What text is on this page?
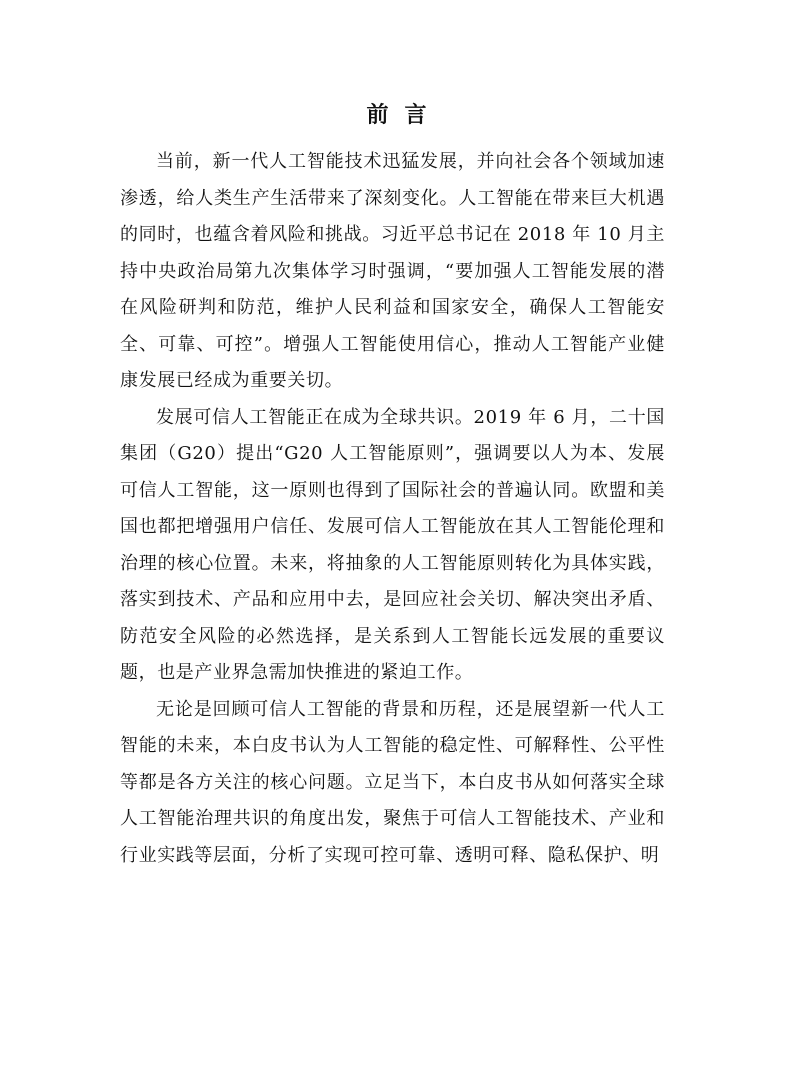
前言

当前，新一代人工智能技术迅猛发展，并向社会各个领域加速渗透，给人类生产生活带来了深刻变化。人工智能在带来巨大机遇的同时，也蕴含着风险和挑战。习近平总书记在 2018 年 10 月主持中央政治局第九次集体学习时强调，“要加强人工智能发展的潜在风险研判和防范，维护人民利益和国家安全，确保人工智能安全、可靠、可控”。增强人工智能使用信心，推动人工智能产业健康发展已经成为重要关切。

发展可信人工智能正在成为全球共识。2019 年 6 月，二十国集团（G20）提出“G20 人工智能原则”，强调要以人为本、发展可信人工智能，这一原则也得到了国际社会的普遍认同。欧盟和美国也都把增强用户信任、发展可信人工智能放在其人工智能伦理和治理的核心位置。未来，将抽象的人工智能原则转化为具体实践，落实到技术、产品和应用中去，是回应社会关切、解决突出矛盾、防范安全风险的必然选择，是关系到人工智能长远发展的重要议题，也是产业界急需加快推进的紧迫工作。

无论是回顾可信人工智能的背景和历程，还是展望新一代人工智能的未来，本白皮书认为人工智能的稳定性、可解释性、公平性等都是各方关注的核心问题。立足当下，本白皮书从如何落实全球人工智能治理共识的角度出发，聚焦于可信人工智能技术、产业和行业实践等层面，分析了实现可控可靠、透明可释、隐私保护、明
